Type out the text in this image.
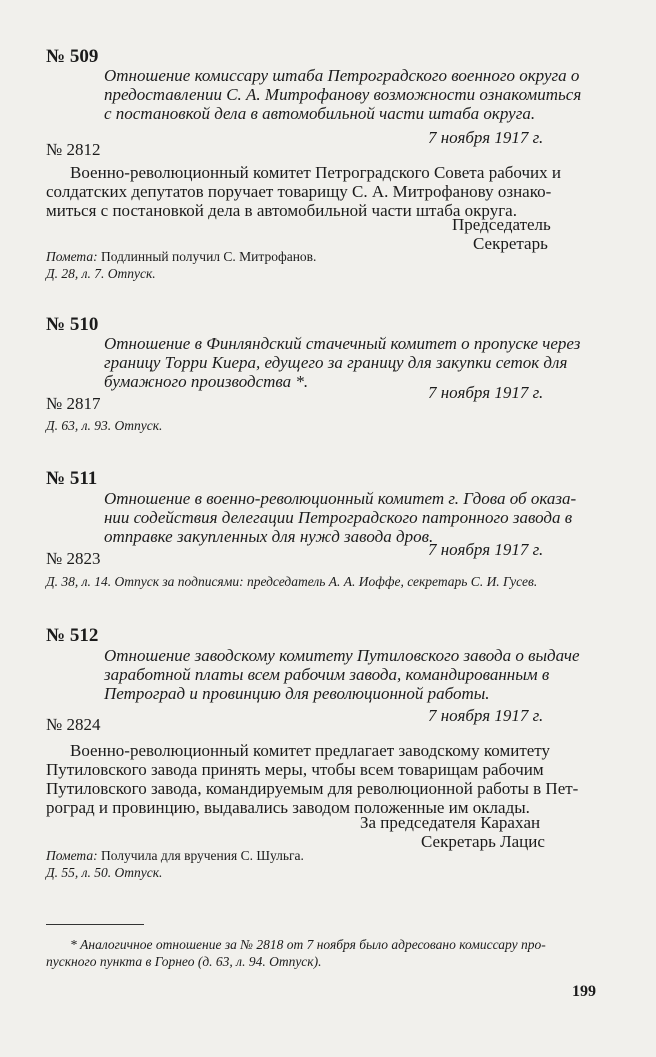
№ 509
Отношение комиссару штаба Петроградского военного округа о
предоставлении С. А. Митрофанову возможности ознакомиться
с постановкой дела в автомобильной части штаба округа.
7 ноября 1917 г.
№ 2812
Военно-революционный комитет Петроградского Совета рабочих и
солдатских депутатов поручает товарищу С. А. Митрофанову ознако-
миться с постановкой дела в автомобильной части штаба округа.
Председатель
Секретарь
Помета: Подлинный получил С. Митрофанов.
Д. 28, л. 7. Отпуск.
№ 510
Отношение в Финляндский стачечный комитет о пропуске через
границу Торри Киера, едущего за границу для закупки сеток для
бумажного производства *.
7 ноября 1917 г.
№ 2817
Д. 63, л. 93. Отпуск.
№ 511
Отношение в военно-революционный комитет г. Гдова об оказа-
нии содействия делегации Петроградского патронного завода в
отправке закупленных для нужд завода дров.
7 ноября 1917 г.
№ 2823
Д. 38, л. 14. Отпуск за подписями: председатель А. А. Иоффе, секретарь С. И. Гусев.
№ 512
Отношение заводскому комитету Путиловского завода о выдаче
заработной платы всем рабочим завода, командированным в
Петроград и провинцию для революционной работы.
7 ноября 1917 г.
№ 2824
Военно-революционный комитет предлагает заводскому комитету
Путиловского завода принять меры, чтобы всем товарищам рабочим
Путиловского завода, командируемым для революционной работы в Пет-
роград и провинцию, выдавались заводом положенные им оклады.
За председателя Караxан
Секретарь Лацис
Помета: Получила для вручения С. Шульга.
Д. 55, л. 50. Отпуск.
* Аналогичное отношение за № 2818 от 7 ноября было адресовано комиссару про-
пускного пункта в Горнео (д. 63, л. 94. Отпуск).
199
